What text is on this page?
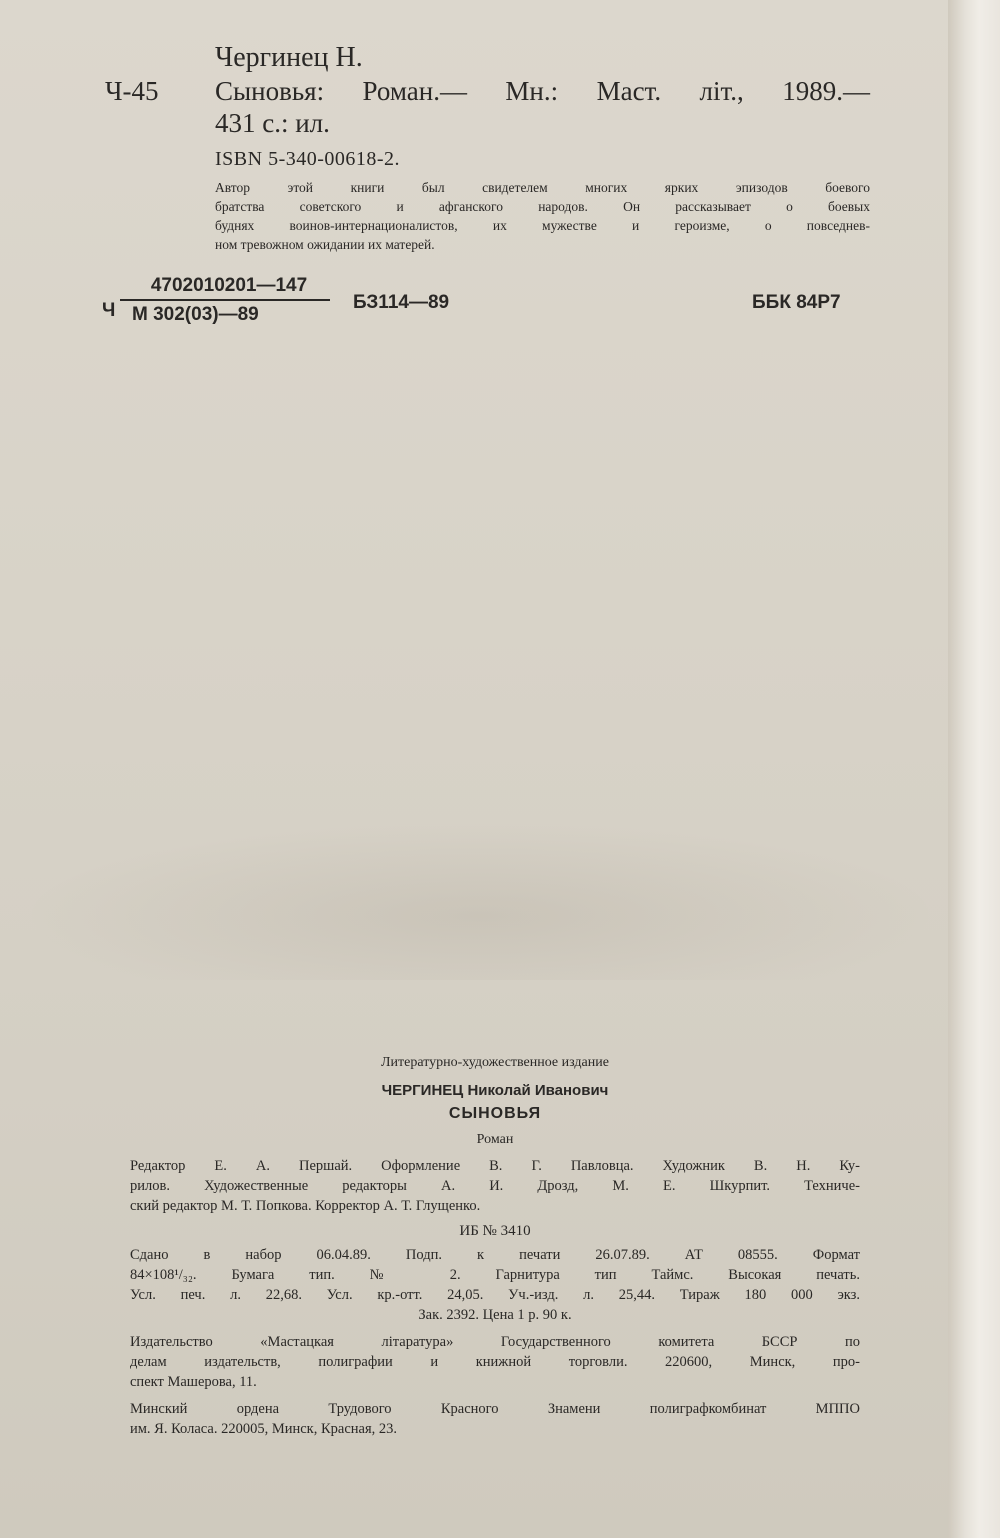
Чергинец Н.
Ч-45 Сыновья: Роман.— Мн.: Маст. літ., 1989.—
431 с.: ил.
ISBN 5-340-00618-2.
Автор этой книги был свидетелем многих ярких эпизодов боевого
братства советского и афганского народов. Он рассказывает о боевых
буднях воинов-интернационалистов, их мужестве и героизме, о повседнев-
ном тревожном ожидании их матерей.
Ч
4702010201—147
М 302(03)—89
БЗ114—89	ББК 84Р7
Литературно-художественное издание
ЧЕРГИНЕЦ Николай Иванович
СЫНОВЬЯ
Роман
Редактор Е. А. Першай. Оформление В. Г. Павловца. Художник В. Н. Ку-
рилов. Художественные редакторы А. И. Дрозд, М. Е. Шкурпит. Техниче-
ский редактор М. Т. Попкова. Корректор А. Т. Глущенко.
ИБ № 3410
Сдано в набор 06.04.89. Подп. к печати 26.07.89. АТ 08555. Формат
84×108¹/₃₂. Бумага тип. № 2. Гарнитура тип Таймс. Высокая печать.
Усл. печ. л. 22,68. Усл. кр.-отт. 24,05. Уч.-изд. л. 25,44. Тираж 180 000 экз.
Зак. 2392. Цена 1 р. 90 к.
Издательство «Мастацкая літаратура» Государственного комитета БССР по
делам издательств, полиграфии и книжной торговли. 220600, Минск, про-
спект Машерова, 11.
Минский ордена Трудового Красного Знамени полиграфкомбинат МППО
им. Я. Коласа. 220005, Минск, Красная, 23.
